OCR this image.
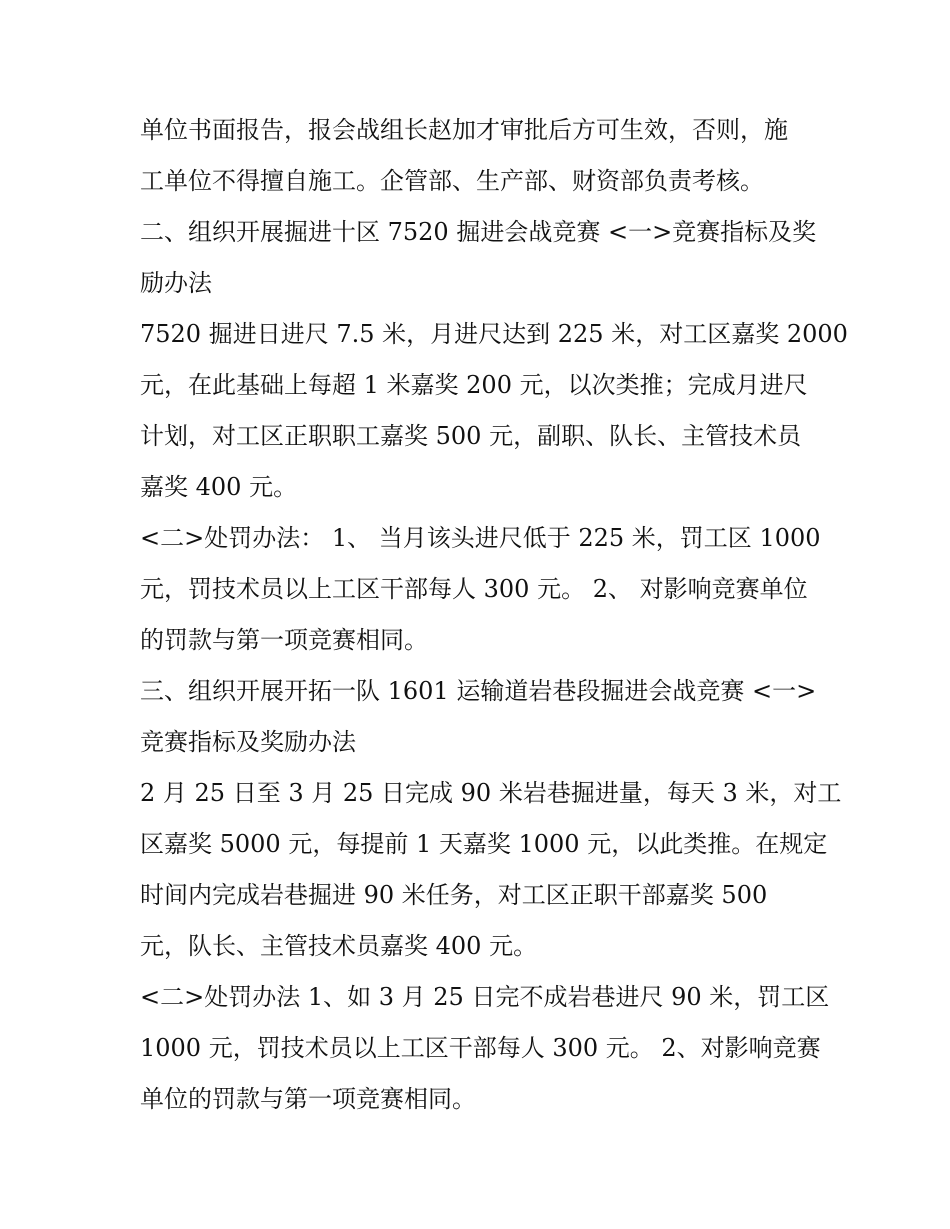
单位书面报告，报会战组长赵加才审批后方可生效，否则，施
工单位不得擅自施工。企管部、生产部、财资部负责考核。
二、组织开展掘进十区 7520 掘进会战竞赛 <一>竞赛指标及奖
励办法
7520 掘进日进尺 7.5 米，月进尺达到 225 米，对工区嘉奖 2000
元，在此基础上每超 1 米嘉奖 200 元，以次类推；完成月进尺
计划，对工区正职职工嘉奖 500 元，副职、队长、主管技术员
嘉奖 400 元。
<二>处罚办法： 1、 当月该头进尺低于 225 米，罚工区 1000
元，罚技术员以上工区干部每人 300 元。 2、 对影响竞赛单位
的罚款与第一项竞赛相同。
三、组织开展开拓一队 1601 运输道岩巷段掘进会战竞赛 <一>
竞赛指标及奖励办法
2 月 25 日至 3 月 25 日完成 90 米岩巷掘进量，每天 3 米，对工
区嘉奖 5000 元，每提前 1 天嘉奖 1000 元，以此类推。在规定
时间内完成岩巷掘进 90 米任务，对工区正职干部嘉奖 500
元，队长、主管技术员嘉奖 400 元。
<二>处罚办法 1、如 3 月 25 日完不成岩巷进尺 90 米，罚工区
1000 元，罚技术员以上工区干部每人 300 元。 2、对影响竞赛
单位的罚款与第一项竞赛相同。
